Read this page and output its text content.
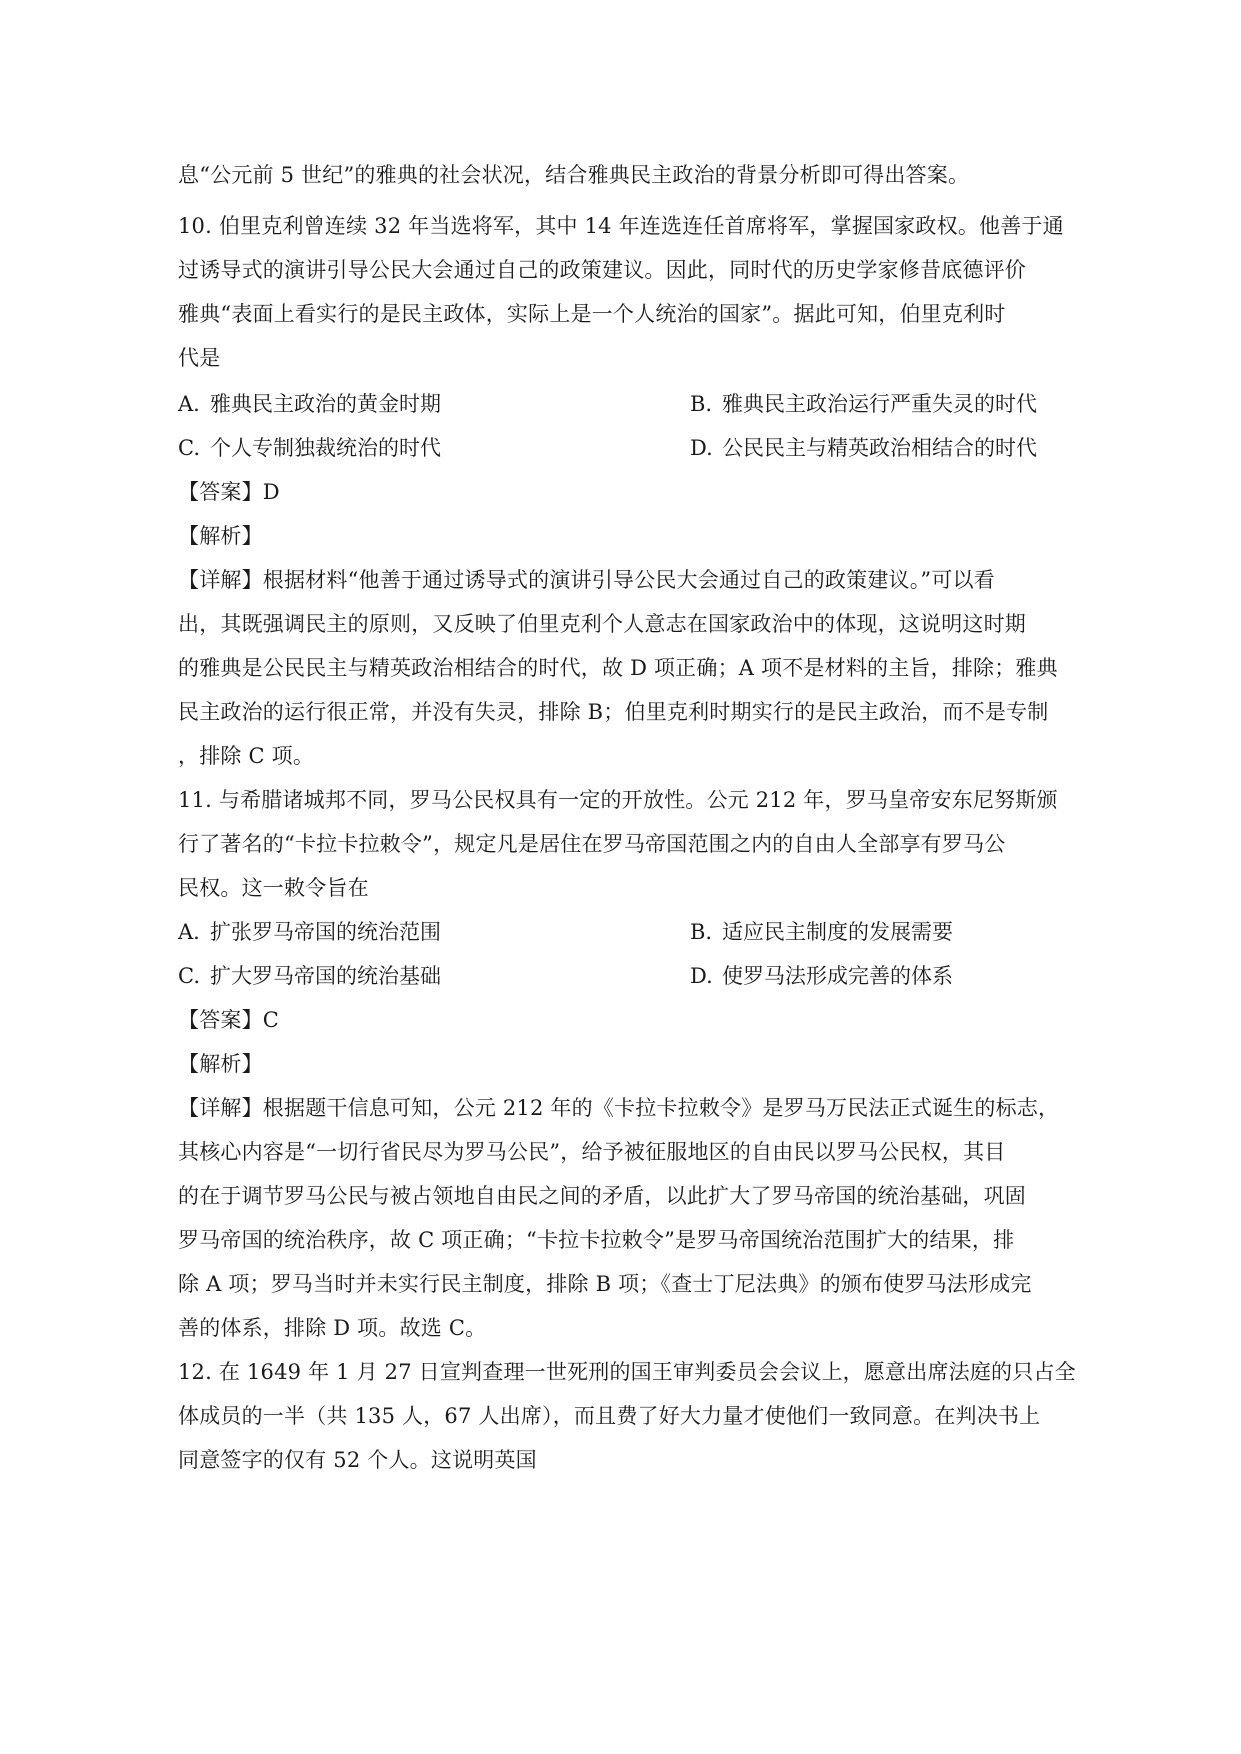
息“公元前 5 世纪”的雅典的社会状况，结合雅典民主政治的背景分析即可得出答案。
10. 伯里克利曾连续 32 年当选将军，其中 14 年连选连任首席将军，掌握国家政权。他善于通
过诱导式的演讲引导公民大会通过自己的政策建议。因此，同时代的历史学家修昔底德评价
雅典“表面上看实行的是民主政体，实际上是一个人统治的国家”。据此可知，伯里克利时
代是
A. 雅典民主政治的黄金时期	B. 雅典民主政治运行严重失灵的时代
C. 个人专制独裁统治的时代	D. 公民民主与精英政治相结合的时代
【答案】D
【解析】
【详解】根据材料“他善于通过诱导式的演讲引导公民大会通过自己的政策建议。”可以看
出，其既强调民主的原则，又反映了伯里克利个人意志在国家政治中的体现，这说明这时期
的雅典是公民民主与精英政治相结合的时代，故 D 项正确；A 项不是材料的主旨，排除；雅典
民主政治的运行很正常，并没有失灵，排除 B；伯里克利时期实行的是民主政治，而不是专制
，排除 C 项。
11. 与希腊诸城邦不同，罗马公民权具有一定的开放性。公元 212 年，罗马皇帝安东尼努斯颁
行了著名的“卡拉卡拉敕令”，规定凡是居住在罗马帝国范围之内的自由人全部享有罗马公
民权。这一敕令旨在
A. 扩张罗马帝国的统治范围	B. 适应民主制度的发展需要
C. 扩大罗马帝国的统治基础	D. 使罗马法形成完善的体系
【答案】C
【解析】
【详解】根据题干信息可知，公元 212 年的《卡拉卡拉敕令》是罗马万民法正式诞生的标志，
其核心内容是“一切行省民尽为罗马公民”，给予被征服地区的自由民以罗马公民权，其目
的在于调节罗马公民与被占领地自由民之间的矛盾，以此扩大了罗马帝国的统治基础，巩固
罗马帝国的统治秩序，故 C 项正确；“卡拉卡拉敕令”是罗马帝国统治范围扩大的结果，排
除 A 项；罗马当时并未实行民主制度，排除 B 项；《查士丁尼法典》的颁布使罗马法形成完
善的体系，排除 D 项。故选 C。
12. 在 1649 年 1 月 27 日宣判查理一世死刑的国王审判委员会会议上，愿意出席法庭的只占全
体成员的一半（共 135 人，67 人出席），而且费了好大力量才使他们一致同意。在判决书上
同意签字的仅有 52 个人。这说明英国
